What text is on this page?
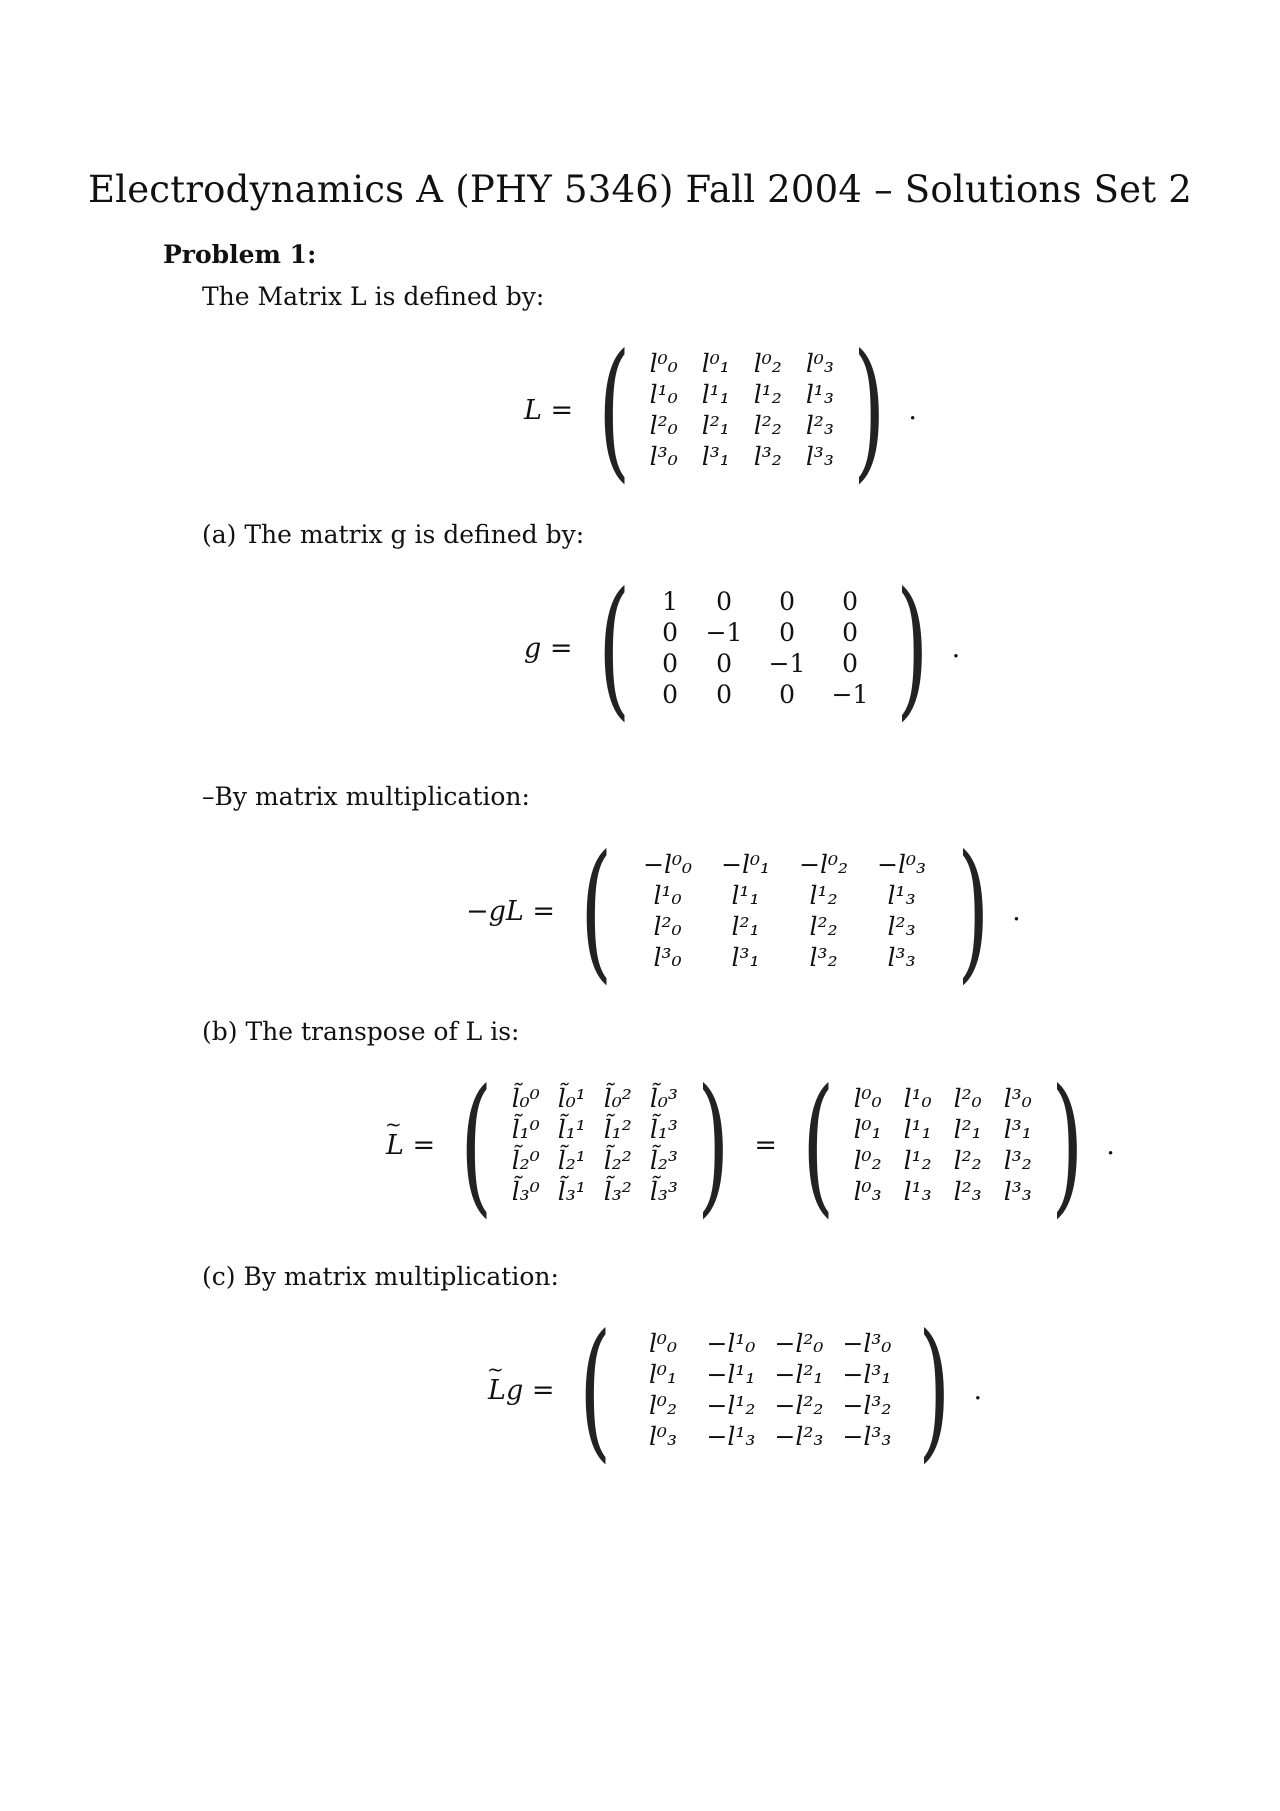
Electrodynamics A (PHY 5346) Fall 2004 – Solutions Set 2
Problem 1:
The Matrix L is defined by:
L = ( l⁰₀ l⁰₁ l⁰₂ l⁰₃
l¹₀ l¹₁ l¹₂ l¹₃
l²₀ l²₁ l²₂ l²₃
l³₀ l³₁ l³₂ l³₃ ) .
(a) The matrix g is defined by:
g = ( 1 0 0 0
0 −1 0 0
0 0 −1 0
0 0 0 −1 ) .
–By matrix multiplication:
−gL = ( −l⁰₀ −l⁰₁ −l⁰₂ −l⁰₃
l¹₀ l¹₁ l¹₂ l¹₃
l²₀ l²₁ l²₂ l²₃
l³₀ l³₁ l³₂ l³₃ ) .
(b) The transpose of L is:
~ L = ( l̃₀⁰ l̃₀¹ l̃₀² l̃₀³
l̃₁⁰ l̃₁¹ l̃₁² l̃₁³
l̃₂⁰ l̃₂¹ l̃₂² l̃₂³
l̃₃⁰ l̃₃¹ l̃₃² l̃₃³ ) = ( l⁰₀ l¹₀ l²₀ l³₀
l⁰₁ l¹₁ l²₁ l³₁
l⁰₂ l¹₂ l²₂ l³₂
l⁰₃ l¹₃ l²₃ l³₃ ) .
(c) By matrix multiplication:
~ Lg = ( l⁰₀ −l¹₀ −l²₀ −l³₀
l⁰₁ −l¹₁ −l²₁ −l³₁
l⁰₂ −l¹₂ −l²₂ −l³₂
l⁰₃ −l¹₃ −l²₃ −l³₃ ) .
